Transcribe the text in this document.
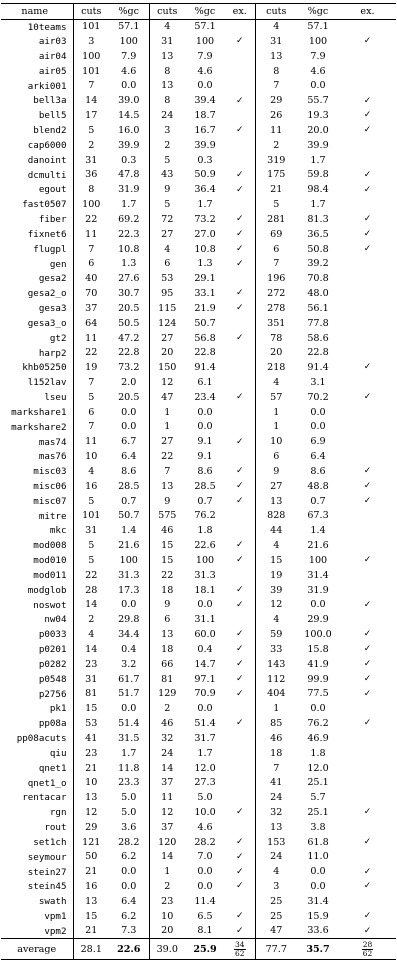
name	cuts	%gc	cuts	%gc	ex.	cuts	%gc	ex.
10teams	101	57.1	4	57.1		4	57.1	
air03	3	100	31	100	✓	31	100	✓
air04	100	7.9	13	7.9		13	7.9	
air05	101	4.6	8	4.6		8	4.6	
arki001	7	0.0	13	0.0		7	0.0	
bell3a	14	39.0	8	39.4	✓	29	55.7	✓
bell5	17	14.5	24	18.7		26	19.3	✓
blend2	5	16.0	3	16.7	✓	11	20.0	✓
cap6000	2	39.9	2	39.9		2	39.9	
danoint	31	0.3	5	0.3		319	1.7	
dcmulti	36	47.8	43	50.9	✓	175	59.8	✓
egout	8	31.9	9	36.4	✓	21	98.4	✓
fast0507	100	1.7	5	1.7		5	1.7	
fiber	22	69.2	72	73.2	✓	281	81.3	✓
fixnet6	11	22.3	27	27.0	✓	69	36.5	✓
flugpl	7	10.8	4	10.8	✓	6	50.8	✓
gen	6	1.3	6	1.3	✓	7	39.2	
gesa2	40	27.6	53	29.1		196	70.8	
gesa2_o	70	30.7	95	33.1	✓	272	48.0	
gesa3	37	20.5	115	21.9	✓	278	56.1	
gesa3_o	64	50.5	124	50.7		351	77.8	
gt2	11	47.2	27	56.8	✓	78	58.6	
harp2	22	22.8	20	22.8		20	22.8	
khb05250	19	73.2	150	91.4		218	91.4	✓
l152lav	7	2.0	12	6.1		4	3.1	
lseu	5	20.5	47	23.4	✓	57	70.2	✓
markshare1	6	0.0	1	0.0		1	0.0	
markshare2	7	0.0	1	0.0		1	0.0	
mas74	11	6.7	27	9.1	✓	10	6.9	
mas76	10	6.4	22	9.1		6	6.4	
misc03	4	8.6	7	8.6	✓	9	8.6	✓
misc06	16	28.5	13	28.5	✓	27	48.8	✓
misc07	5	0.7	9	0.7	✓	13	0.7	✓
mitre	101	50.7	575	76.2		828	67.3	
mkc	31	1.4	46	1.8		44	1.4	
mod008	5	21.6	15	22.6	✓	4	21.6	
mod010	5	100	15	100	✓	15	100	✓
mod011	22	31.3	22	31.3		19	31.4	
modglob	28	17.3	18	18.1	✓	39	31.9	
noswot	14	0.0	9	0.0	✓	12	0.0	✓
nw04	2	29.8	6	31.1		4	29.9	
p0033	4	34.4	13	60.0	✓	59	100.0	✓
p0201	14	0.4	18	0.4	✓	33	15.8	✓
p0282	23	3.2	66	14.7	✓	143	41.9	✓
p0548	31	61.7	81	97.1	✓	112	99.9	✓
p2756	81	51.7	129	70.9	✓	404	77.5	✓
pk1	15	0.0	2	0.0		1	0.0	
pp08a	53	51.4	46	51.4	✓	85	76.2	✓
pp08acuts	41	31.5	32	31.7		46	46.9	
qiu	23	1.7	24	1.7		18	1.8	
qnet1	21	11.8	14	12.0		7	12.0	
qnet1_o	10	23.3	37	27.3		41	25.1	
rentacar	13	5.0	11	5.0		24	5.7	
rgn	12	5.0	12	10.0	✓	32	25.1	✓
rout	29	3.6	37	4.6		13	3.8	
set1ch	121	28.2	120	28.2	✓	153	61.8	✓
seymour	50	6.2	14	7.0	✓	24	11.0	
stein27	21	0.0	1	0.0	✓	4	0.0	✓
stein45	16	0.0	2	0.0	✓	3	0.0	✓
swath	13	6.4	23	11.4		25	31.4	
vpm1	15	6.2	10	6.5	✓	25	15.9	✓
vpm2	21	7.3	20	8.1	✓	47	33.6	✓
average	28.1	22.6	39.0	25.9	$\frac{34}{62}$	77.7	35.7	$\frac{28}{62}$
